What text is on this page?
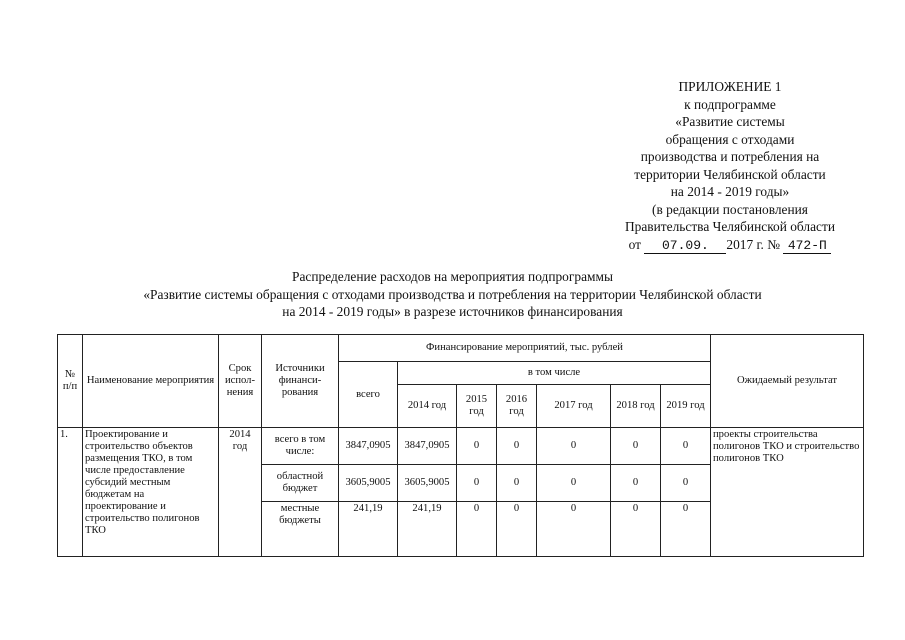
ПРИЛОЖЕНИЕ 1
к подпрограмме
«Развитие системы
обращения с отходами
производства и потребления на
территории Челябинской области
на 2014 - 2019 годы»
(в редакции постановления
Правительства Челябинской области
от 07.09. 2017 г. № 472-П
Распределение расходов на мероприятия подпрограммы
«Развитие системы обращения с отходами производства и потребления на территории Челябинской области
на 2014 - 2019 годы» в разрезе источников финансирования
№ п/п	Наименование мероприятия	Срок испол-нения	Источники финанси-рования	Финансирование мероприятий, тыс. рублей							Ожидаемый результат
				всего	в том числе						
					2014 год	2015 год	2016 год	2017 год	2018 год	2019 год	
1.	Проектирование и строительство объектов размещения ТКО, в том числе предоставление субсидий местным бюджетам на проектирование и строительство полигонов ТКО	2014 год	всего в том числе:	3847,0905	3847,0905	0	0	0	0	0	проекты строительства полигонов ТКО и строительство полигонов ТКО
			областной бюджет	3605,9005	3605,9005	0	0	0	0	0	
			местные бюджеты	241,19	241,19	0	0	0	0	0	
